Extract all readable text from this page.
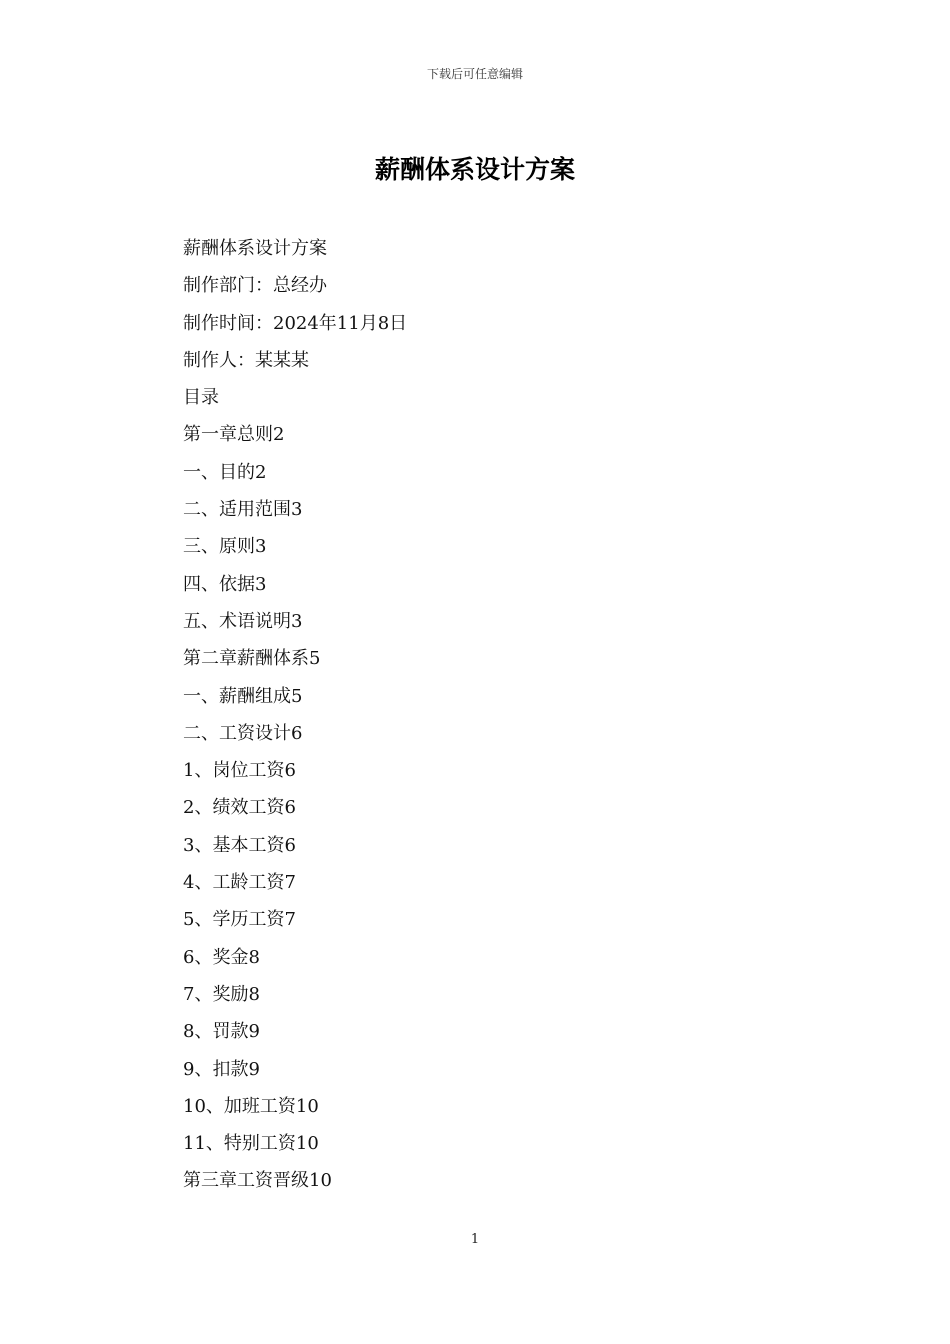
下载后可任意编辑
薪酬体系设计方案
薪酬体系设计方案
制作部门：总经办
制作时间：2024年11月8日
制作人：某某某
目录
第一章总则2
一、目的2
二、适用范围3
三、原则3
四、依据3
五、术语说明3
第二章薪酬体系5
一、薪酬组成5
二、工资设计6
1、岗位工资6
2、绩效工资6
3、基本工资6
4、工龄工资7
5、学历工资7
6、奖金8
7、奖励8
8、罚款9
9、扣款9
10、加班工资10
11、特别工资10
第三章工资晋级10
1
